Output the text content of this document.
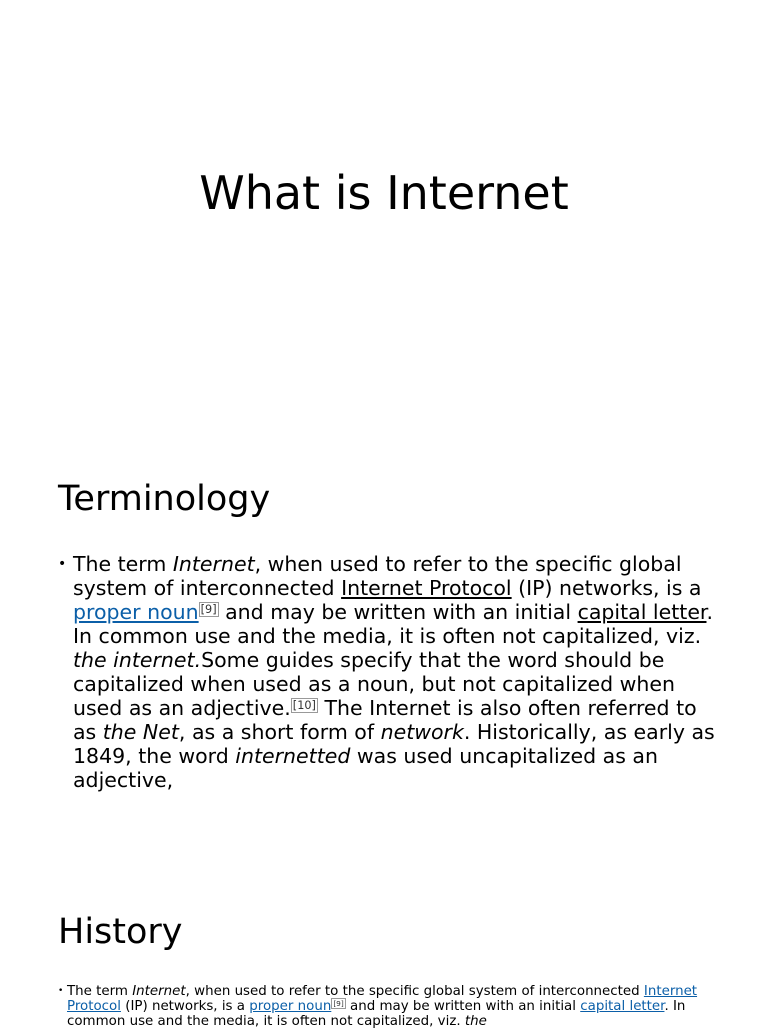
What is Internet
Terminology
• The term Internet, when used to refer to the specific global system of interconnected Internet Protocol (IP) networks, is a proper noun [9] and may be written with an initial capital letter. In common use and the media, it is often not capitalized, viz. the internet.Some guides specify that the word should be capitalized when used as a noun, but not capitalized when used as an adjective. [10] The Internet is also often referred to as the Net, as a short form of network. Historically, as early as 1849, the word internetted was used uncapitalized as an adjective,
History
• The term Internet, when used to refer to the specific global system of interconnected Internet Protocol (IP) networks, is a proper noun [9] and may be written with an initial capital letter. In common use and the media, it is often not capitalized, viz. the
